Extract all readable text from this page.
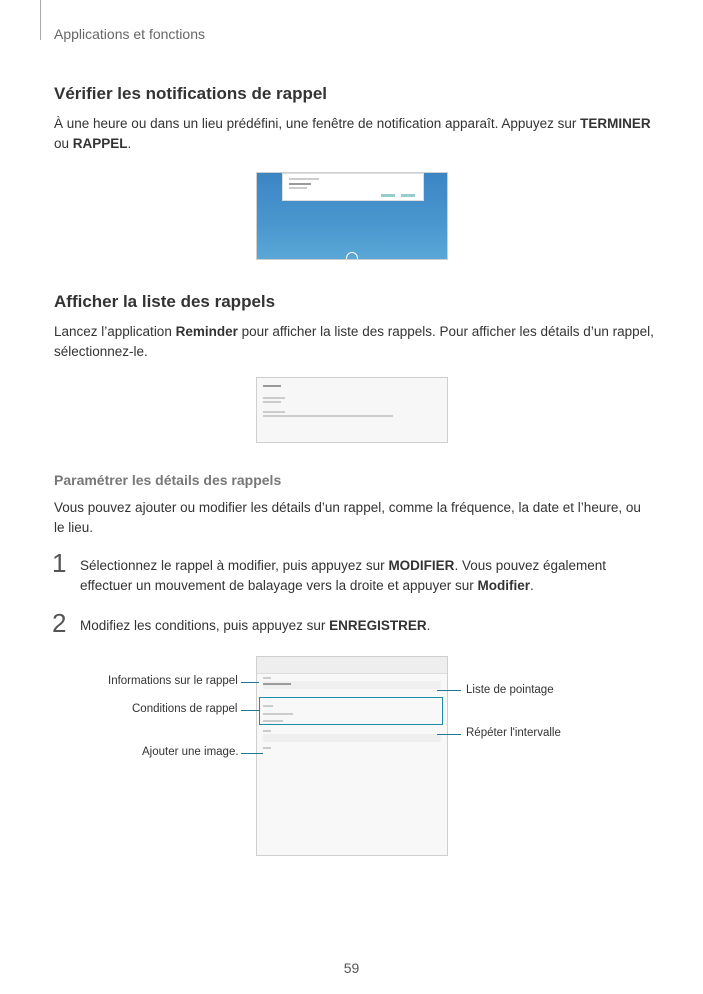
Applications et fonctions
Vérifier les notifications de rappel
À une heure ou dans un lieu prédéfini, une fenêtre de notification apparaît. Appuyez sur TERMINER ou RAPPEL.
Afficher la liste des rappels
Lancez l’application Reminder pour afficher la liste des rappels. Pour afficher les détails d’un rappel, sélectionnez-le.
Paramétrer les détails des rappels
Vous pouvez ajouter ou modifier les détails d’un rappel, comme la fréquence, la date et l’heure, ou le lieu.
1 Sélectionnez le rappel à modifier, puis appuyez sur MODIFIER. Vous pouvez également effectuer un mouvement de balayage vers la droite et appuyer sur Modifier.
2 Modifiez les conditions, puis appuyez sur ENREGISTRER.
Informations sur le rappel
Conditions de rappel
Ajouter une image.
Liste de pointage
Répéter l'intervalle
59
